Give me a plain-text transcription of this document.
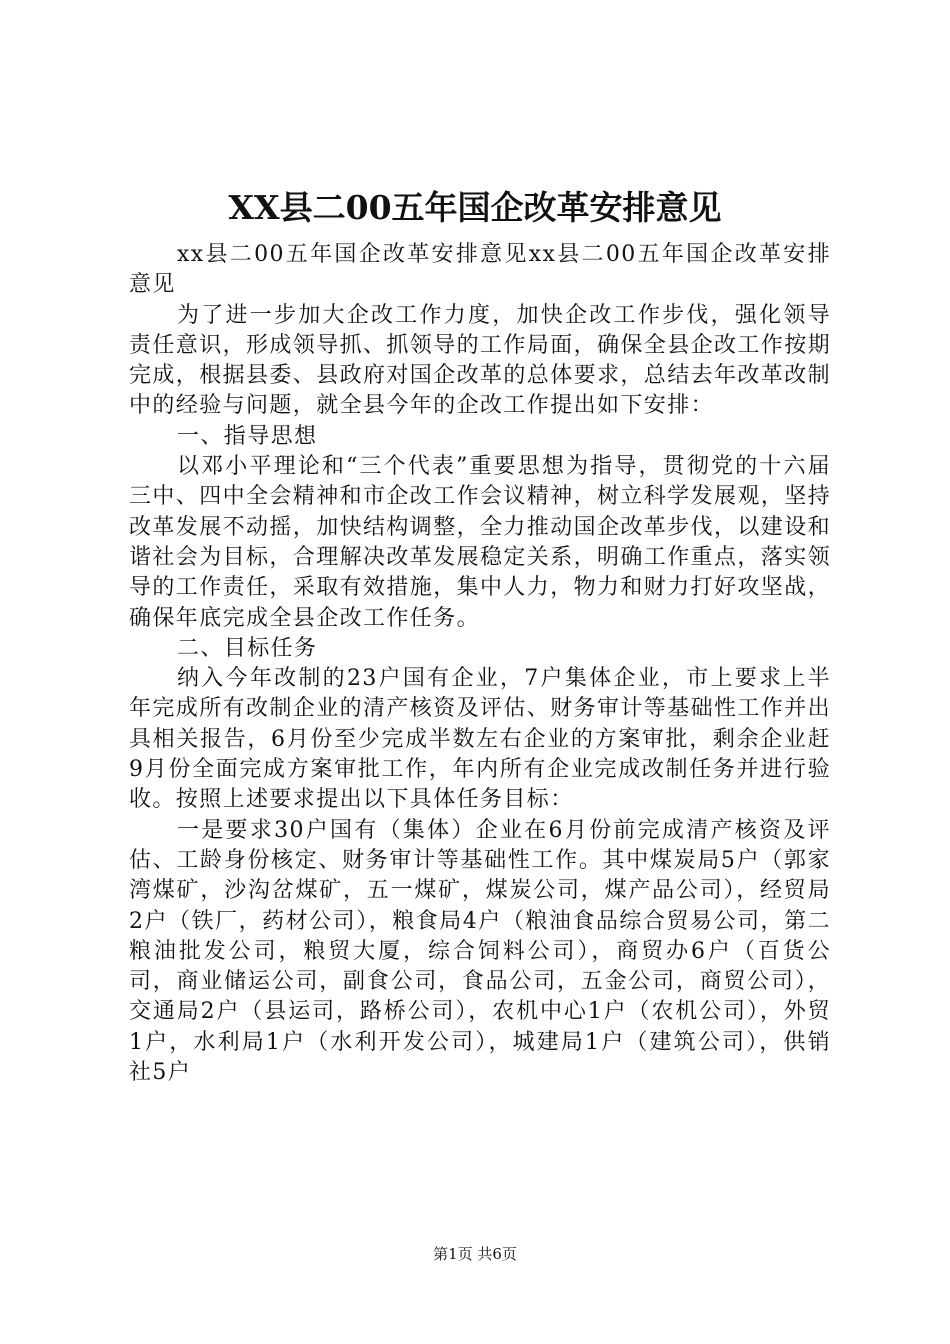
XX县二00五年国企改革安排意见

xx县二00五年国企改革安排意见xx县二00五年国企改革安排意见

为了进一步加大企改工作力度，加快企改工作步伐，强化领导责任意识，形成领导抓、抓领导的工作局面，确保全县企改工作按期完成，根据县委、县政府对国企改革的总体要求，总结去年改革改制中的经验与问题，就全县今年的企改工作提出如下安排：

一、指导思想

以邓小平理论和“三个代表”重要思想为指导，贯彻党的十六届三中、四中全会精神和市企改工作会议精神，树立科学发展观，坚持改革发展不动摇，加快结构调整，全力推动国企改革步伐，以建设和谐社会为目标，合理解决改革发展稳定关系，明确工作重点，落实领导的工作责任，采取有效措施，集中人力，物力和财力打好攻坚战，确保年底完成全县企改工作任务。

二、目标任务

纳入今年改制的23户国有企业，7户集体企业，市上要求上半年完成所有改制企业的清产核资及评估、财务审计等基础性工作并出具相关报告，6月份至少完成半数左右企业的方案审批，剩余企业赶9月份全面完成方案审批工作，年内所有企业完成改制任务并进行验收。按照上述要求提出以下具体任务目标：

一是要求30户国有（集体）企业在6月份前完成清产核资及评估、工龄身份核定、财务审计等基础性工作。其中煤炭局5户（郭家湾煤矿，沙沟岔煤矿，五一煤矿，煤炭公司，煤产品公司），经贸局2户（铁厂，药材公司），粮食局4户（粮油食品综合贸易公司，第二粮油批发公司，粮贸大厦，综合饲料公司），商贸办6户（百货公司，商业储运公司，副食公司，食品公司，五金公司，商贸公司），交通局2户（县运司，路桥公司），农机中心1户（农机公司），外贸1户，水利局1户（水利开发公司），城建局1户（建筑公司），供销社5户

第1页 共6页
